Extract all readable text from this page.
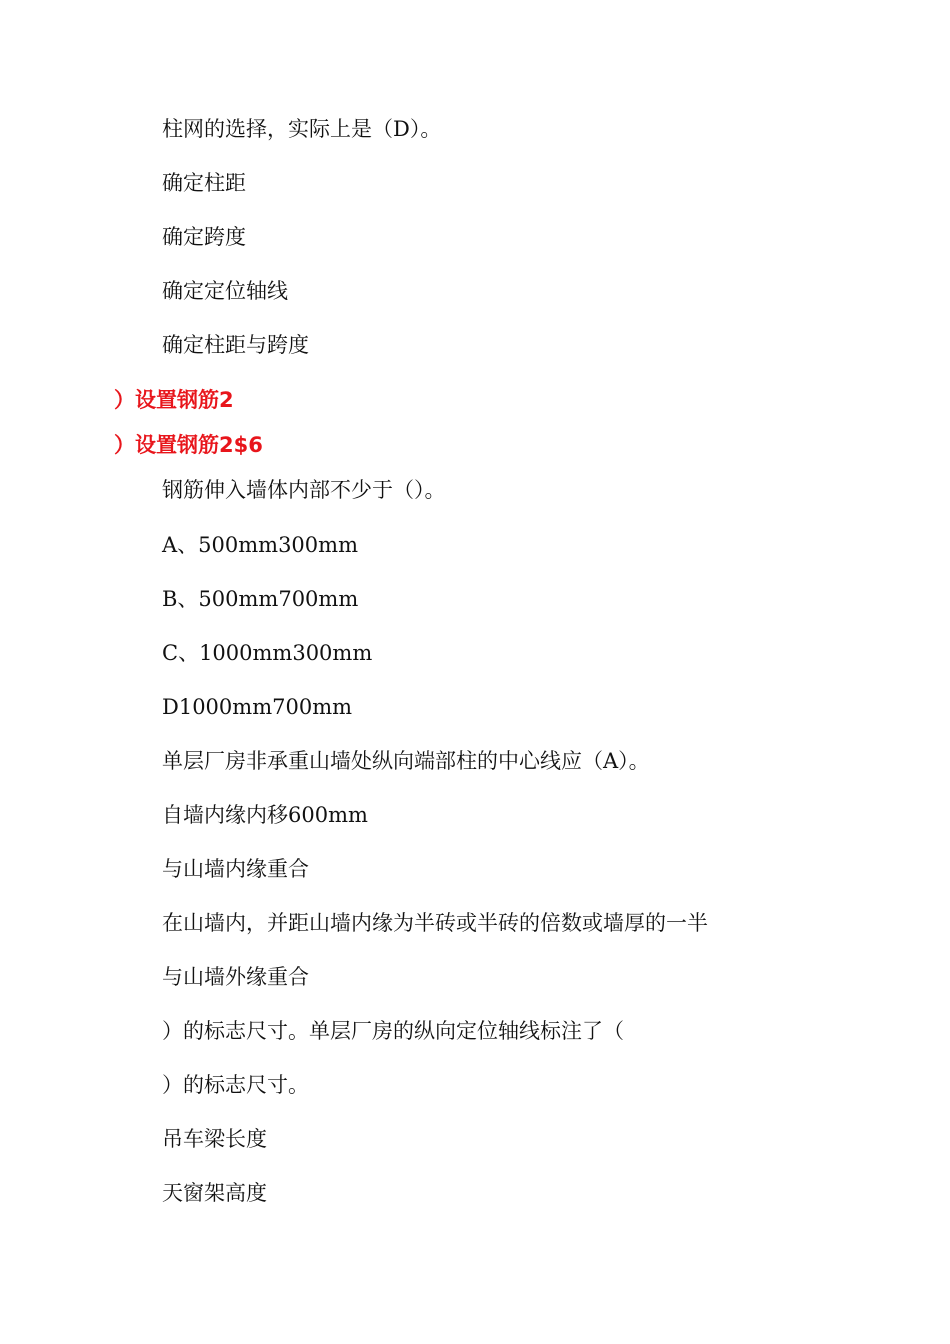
柱网的选择，实际上是（D）。
确定柱距
确定跨度
确定定位轴线
确定柱距与跨度
）设置钢筋2
）设置钢筋2$6
钢筋伸入墙体内部不少于（）。
A、500mm300mm
B、500mm700mm
C、1000mm300mm
D1000mm700mm
单层厂房非承重山墙处纵向端部柱的中心线应（A）。
自墙内缘内移600mm
与山墙内缘重合
在山墙内，并距山墙内缘为半砖或半砖的倍数或墙厚的一半
与山墙外缘重合
）的标志尺寸。单层厂房的纵向定位轴线标注了（
）的标志尺寸。
吊车梁长度
天窗架高度
